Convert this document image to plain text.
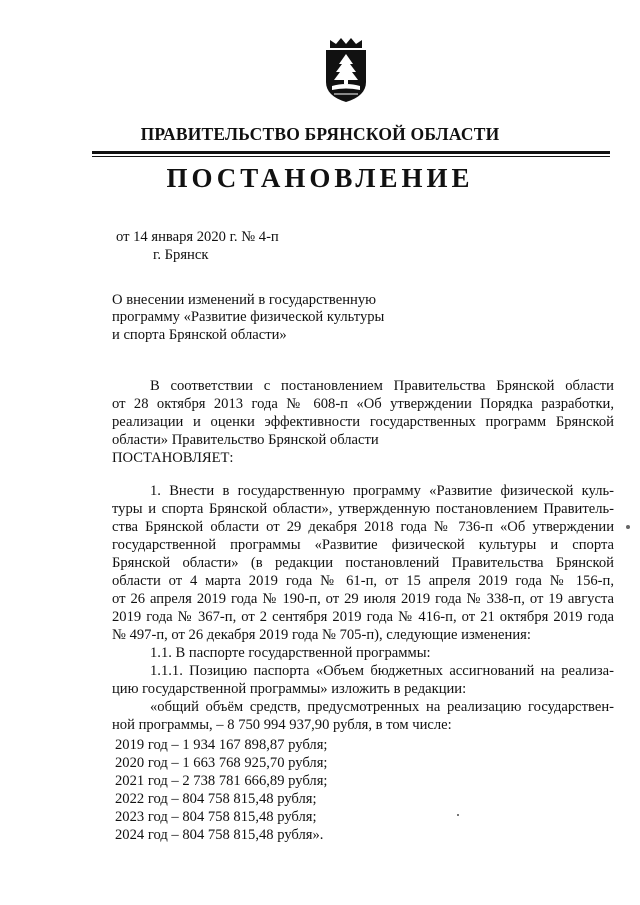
ПРАВИТЕЛЬСТВО БРЯНСКОЙ ОБЛАСТИ
ПОСТАНОВЛЕНИЕ
от 14 января 2020 г. № 4-п
г. Брянск
О внесении изменений в государственную
программу «Развитие физической культуры
и спорта Брянской области»
В соответствии с постановлением Правительства Брянской области
от 28 октября 2013 года № 608-п «Об утверждении Порядка разработки,
реализации и оценки эффективности государственных программ Брянской
области» Правительство Брянской области
ПОСТАНОВЛЯЕТ:
1. Внести в государственную программу «Развитие физической куль-
туры и спорта Брянской области», утвержденную постановлением Правитель-
ства Брянской области от 29 декабря 2018 года № 736-п «Об утверждении
государственной программы «Развитие физической культуры и спорта
Брянской области» (в редакции постановлений Правительства Брянской
области от 4 марта 2019 года № 61-п, от 15 апреля 2019 года № 156-п,
от 26 апреля 2019 года № 190-п, от 29 июля 2019 года № 338-п, от 19 августа
2019 года № 367-п, от 2 сентября 2019 года № 416-п, от 21 октября 2019 года
№ 497-п, от 26 декабря 2019 года № 705-п), следующие изменения:
1.1. В паспорте государственной программы:
1.1.1. Позицию паспорта «Объем бюджетных ассигнований на реализа-
цию государственной программы» изложить в редакции:
«общий объём средств, предусмотренных на реализацию государствен-
ной программы, – 8 750 994 937,90 рубля, в том числе:
2019 год – 1 934 167 898,87 рубля;
2020 год – 1 663 768 925,70 рубля;
2021 год – 2 738 781 666,89 рубля;
2022 год – 804 758 815,48 рубля;
2023 год – 804 758 815,48 рубля;
2024 год – 804 758 815,48 рубля».
